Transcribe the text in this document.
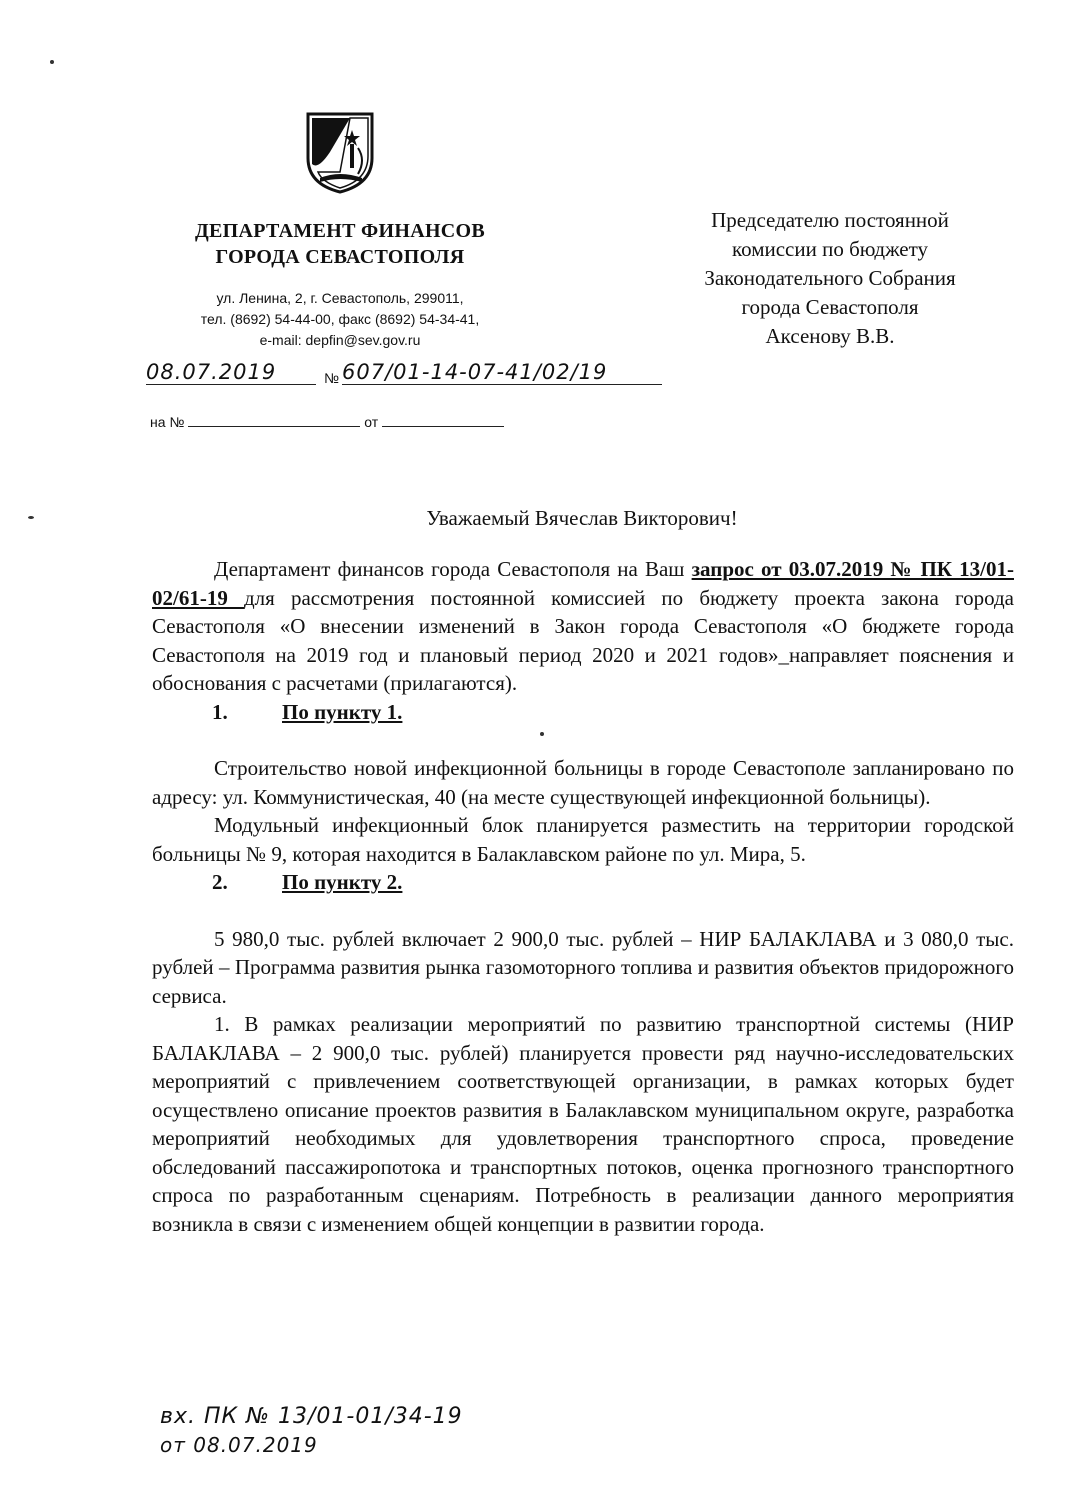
ДЕПАРТАМЕНТ ФИНАНСОВ
ГОРОДА СЕВАСТОПОЛЯ
ул. Ленина, 2, г. Севастополь, 299011,
тел. (8692) 54-44-00, факс (8692) 54-34-41,
e-mail: depfin@sev.gov.ru
Председателю постоянной
комиссии по бюджету
Законодательного Собрания
города Севастополя
Аксенову В.В.
08.07.2019	№ 607/01-14-07-41/02/19
на №	от
Уважаемый Вячеслав Викторович!

Департамент финансов города Севастополя на Ваш запрос от 03.07.2019 № ПК 13/01-02/61-19 для рассмотрения постоянной комиссией по бюджету проекта закона города Севастополя «О внесении изменений в Закон города Севастополя «О бюджете города Севастополя на 2019 год и плановый период 2020 и 2021 годов»_направляет пояснения и обоснования с расчетами (прилагаются).

1.	По пункту 1.

Строительство новой инфекционной больницы в городе Севастополе запланировано по адресу: ул. Коммунистическая, 40 (на месте существующей инфекционной больницы).

Модульный инфекционный блок планируется разместить на территории городской больницы № 9, которая находится в Балаклавском районе по ул. Мира, 5.

2.	По пункту 2.

5 980,0 тыс. рублей включает 2 900,0 тыс. рублей – НИР БАЛАКЛАВА и 3 080,0 тыс. рублей – Программа развития рынка газомоторного топлива и развития объектов придорожного сервиса.

1. В рамках реализации мероприятий по развитию транспортной системы (НИР БАЛАКЛАВА – 2 900,0 тыс. рублей) планируется провести ряд научно-исследовательских мероприятий с привлечением соответствующей организации, в рамках которых будет осуществлено описание проектов развития в Балаклавском муниципальном округе, разработка мероприятий необходимых для удовлетворения транспортного спроса, проведение обследований пассажиропотока и транспортных потоков, оценка прогнозного транспортного спроса по разработанным сценариям. Потребность в реализации данного мероприятия возникла в связи с изменением общей концепции в развитии города.

вх. ПК № 13/01-01/34-19
от 08.07.2019
